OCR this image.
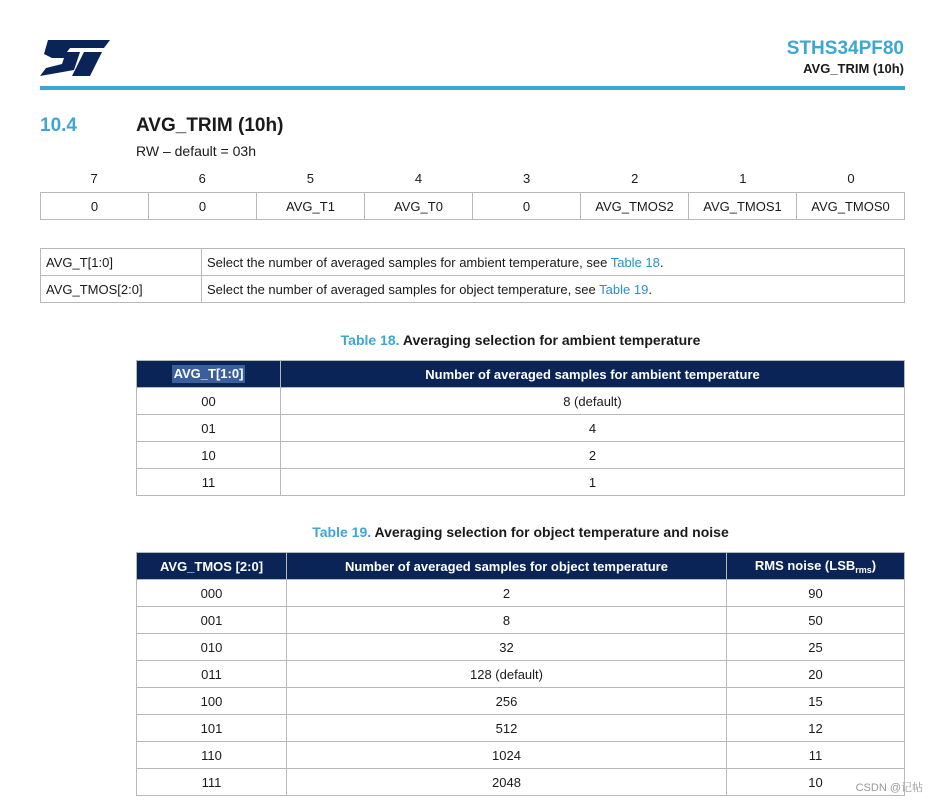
STHS34PF80
AVG_TRIM (10h)
10.4	AVG_TRIM (10h)
RW – default = 03h
7	6	5	4	3	2	1	0
0	0	AVG_T1	AVG_T0	0	AVG_TMOS2	AVG_TMOS1	AVG_TMOS0
AVG_T[1:0]	Select the number of averaged samples for ambient temperature, see Table 18.
AVG_TMOS[2:0]	Select the number of averaged samples for object temperature, see Table 19.
Table 18. Averaging selection for ambient temperature
AVG_T[1:0]	Number of averaged samples for ambient temperature
00	8 (default)
01	4
10	2
11	1
Table 19. Averaging selection for object temperature and noise
AVG_TMOS [2:0]	Number of averaged samples for object temperature	RMS noise $(LSB_{rms})$
000	2	90
001	8	50
010	32	25
011	128 (default)	20
100	256	15
101	512	12
110	1024	11
111	2048	10	CSDN @记帖
